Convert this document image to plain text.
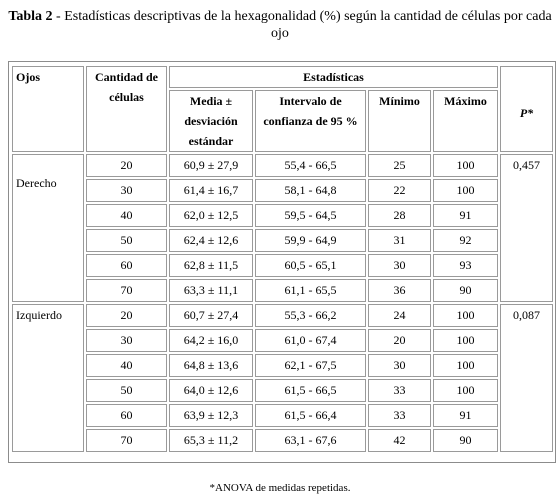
Tabla 2 - Estadísticas descriptivas de la hexagonalidad (%) según la cantidad de células por cada ojo
Ojos	Cantidad de células	Estadísticas				P*

		Media ± desviación estándar	Intervalo de confianza de 95 %	Mínimo	Máximo	

Derecho	20	60,9 ± 27,9	55,4 - 66,5	25	100	0,457
	30	61,4 ± 16,7	58,1 - 64,8	22	100	
	40	62,0 ± 12,5	59,5 - 64,5	28	91	
	50	62,4 ± 12,6	59,9 - 64,9	31	92	
	60	62,8 ± 11,5	60,5 - 65,1	30	93	
	70	63,3 ± 11,1	61,1 - 65,5	36	90	

Izquierdo	20	60,7 ± 27,4	55,3 - 66,2	24	100	0,087
	30	64,2 ± 16,0	61,0 - 67,4	20	100	
	40	64,8 ± 13,6	62,1 - 67,5	30	100	
	50	64,0 ± 12,6	61,5 - 66,5	33	100	
	60	63,9 ± 12,3	61,5 - 66,4	33	91	
	70	65,3 ± 11,2	63,1 - 67,6	42	90	
*ANOVA de medidas repetidas.
